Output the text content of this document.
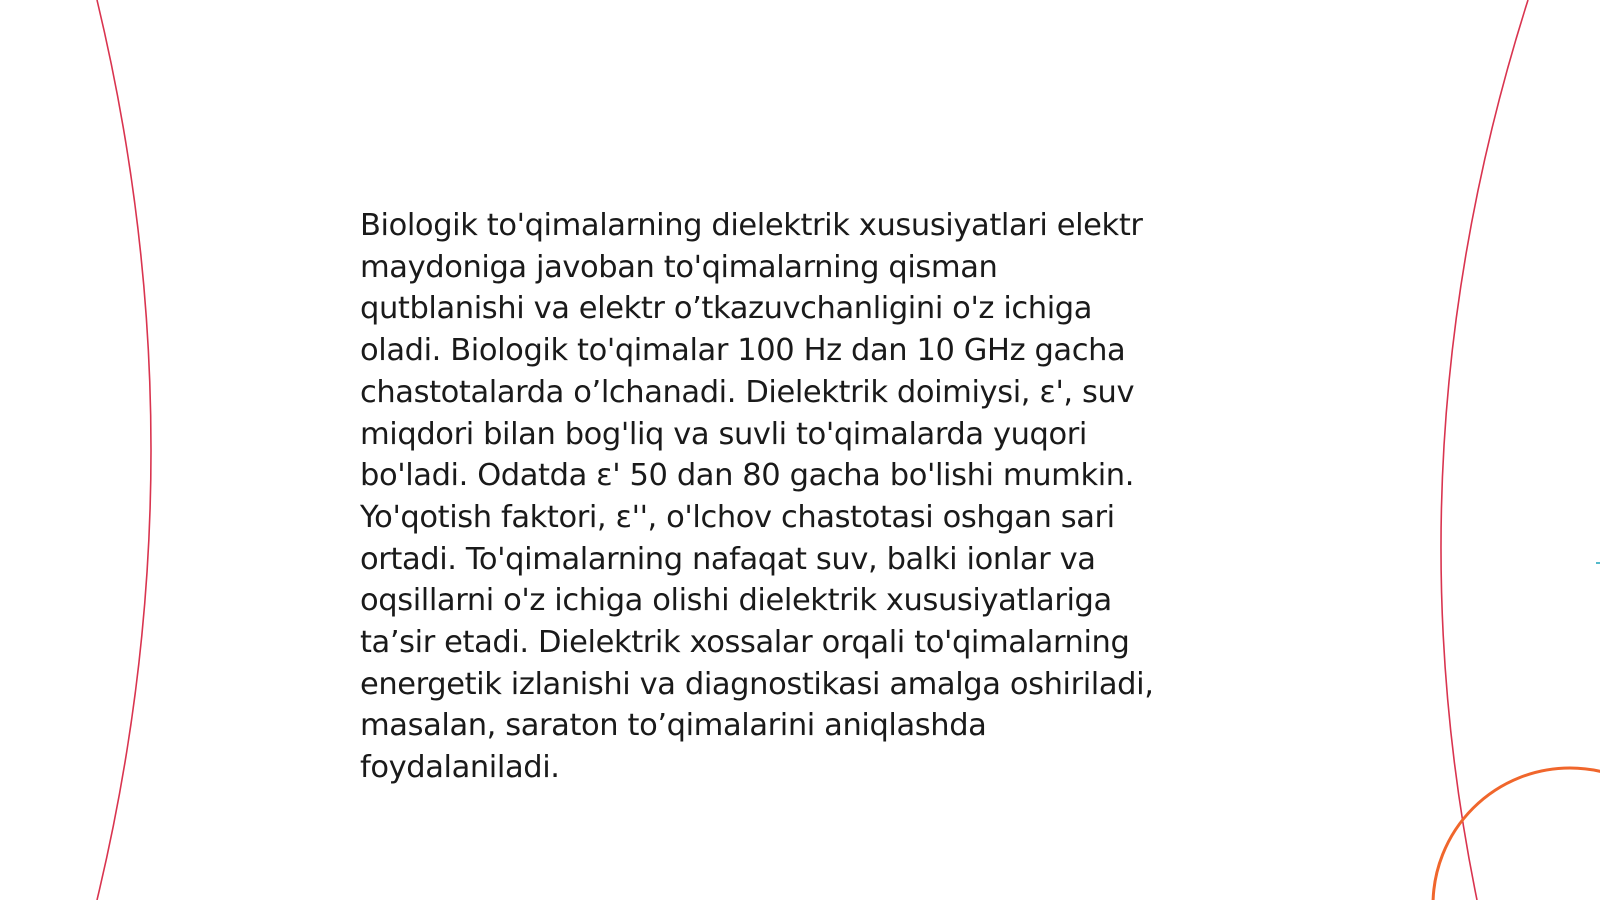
Biologik to'qimalarning dielektrik xususiyatlari elektr
maydoniga javoban to'qimalarning qisman
qutblanishi va elektr o’tkazuvchanligini o'z ichiga
oladi. Biologik to'qimalar 100 Hz dan 10 GHz gacha
chastotalarda o’lchanadi. Dielektrik doimiysi, ε', suv
miqdori bilan bog'liq va suvli to'qimalarda yuqori
bo'ladi. Odatda ε' 50 dan 80 gacha bo'lishi mumkin.
Yo'qotish faktori, ε'', o'lchov chastotasi oshgan sari
ortadi. To'qimalarning nafaqat suv, balki ionlar va
oqsillarni o'z ichiga olishi dielektrik xususiyatlariga
ta’sir etadi. Dielektrik xossalar orqali to'qimalarning
energetik izlanishi va diagnostikasi amalga oshiriladi,
masalan, saraton to’qimalarini aniqlashda
foydalaniladi.
